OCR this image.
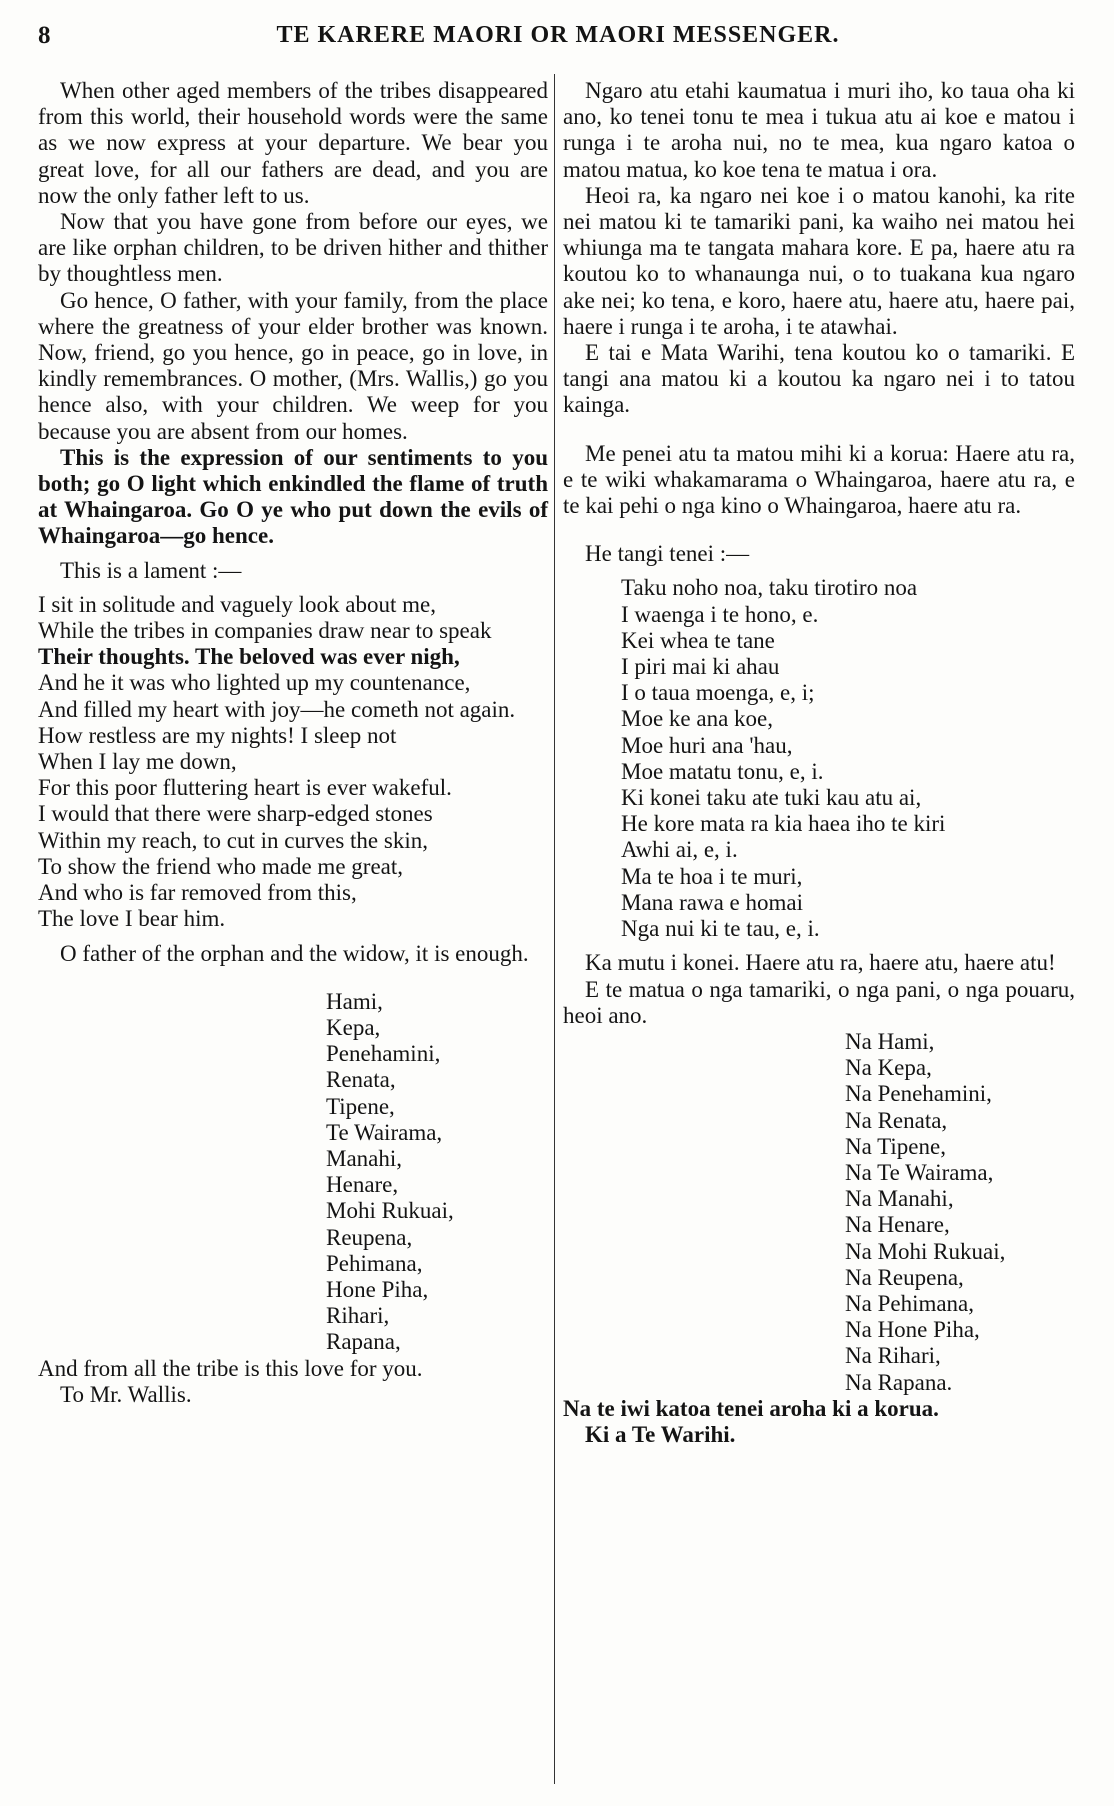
8	TE KARERE MAORI OR MAORI MESSENGER.

When other aged members of the tribes disappeared from this world, their household words were the same as we now express at your departure. We bear you great love, for all our fathers are dead, and you are now the only father left to us.

Now that you have gone from before our eyes, we are like orphan children, to be driven hither and thither by thoughtless men.

Go hence, O father, with your family, from the place where the greatness of your elder brother was known. Now, friend, go you hence, go in peace, go in love, in kindly remembrances. O mother, (Mrs. Wallis,) go you hence also, with your children. We weep for you because you are absent from our homes.

This is the expression of our sentiments to you both; go O light which enkindled the flame of truth at Whaingaroa. Go O ye who put down the evils of Whaingaroa—go hence.

This is a lament :—

I sit in solitude and vaguely look about me,
While the tribes in companies draw near to speak
Their thoughts. The beloved was ever nigh,
And he it was who lighted up my countenance,
And filled my heart with joy—he cometh not again.
How restless are my nights! I sleep not
When I lay me down,
For this poor fluttering heart is ever wakeful.
I would that there were sharp-edged stones
Within my reach, to cut in curves the skin,
To show the friend who made me great,
And who is far removed from this,
The love I bear him.

O father of the orphan and the widow, it is enough.

Hami,
Kepa,
Penehamini,
Renata,
Tipene,
Te Wairama,
Manahi,
Henare,
Mohi Rukuai,
Reupena,
Pehimana,
Hone Piha,
Rihari,
Rapana,

And from all the tribe is this love for you.

To Mr. Wallis.

Ngaro atu etahi kaumatua i muri iho, ko taua oha ki ano, ko tenei tonu te mea i tukua atu ai koe e matou i runga i te aroha nui, no te mea, kua ngaro katoa o matou matua, ko koe tena te matua i ora.

Heoi ra, ka ngaro nei koe i o matou kanohi, ka rite nei matou ki te tamariki pani, ka waiho nei matou hei whiunga ma te tangata mahara kore. E pa, haere atu ra koutou ko to whanaunga nui, o to tuakana kua ngaro ake nei; ko tena, e koro, haere atu, haere atu, haere pai, haere i runga i te aroha, i te atawhai.

E tai e Mata Warihi, tena koutou ko o tamariki. E tangi ana matou ki a koutou ka ngaro nei i to tatou kainga.

Me penei atu ta matou mihi ki a korua: Haere atu ra, e te wiki whakamarama o Whaingaroa, haere atu ra, e te kai pehi o nga kino o Whaingaroa, haere atu ra.

He tangi tenei :—

Taku noho noa, taku tirotiro noa
I waenga i te hono, e.
Kei whea te tane
I piri mai ki ahau
I o taua moenga, e, i;
Moe ke ana koe,
Moe huri ana 'hau,
Moe matatu tonu, e, i.
Ki konei taku ate tuki kau atu ai,
He kore mata ra kia haea iho te kiri
Awhi ai, e, i.
Ma te hoa i te muri,
Mana rawa e homai
Nga nui ki te tau, e, i.

Ka mutu i konei. Haere atu ra, haere atu, haere atu!

E te matua o nga tamariki, o nga pani, o nga pouaru, heoi ano.

Na Hami,
Na Kepa,
Na Penehamini,
Na Renata,
Na Tipene,
Na Te Wairama,
Na Manahi,
Na Henare,
Na Mohi Rukuai,
Na Reupena,
Na Pehimana,
Na Hone Piha,
Na Rihari,
Na Rapana.

Na te iwi katoa tenei aroha ki a korua.

Ki a Te Warihi.
